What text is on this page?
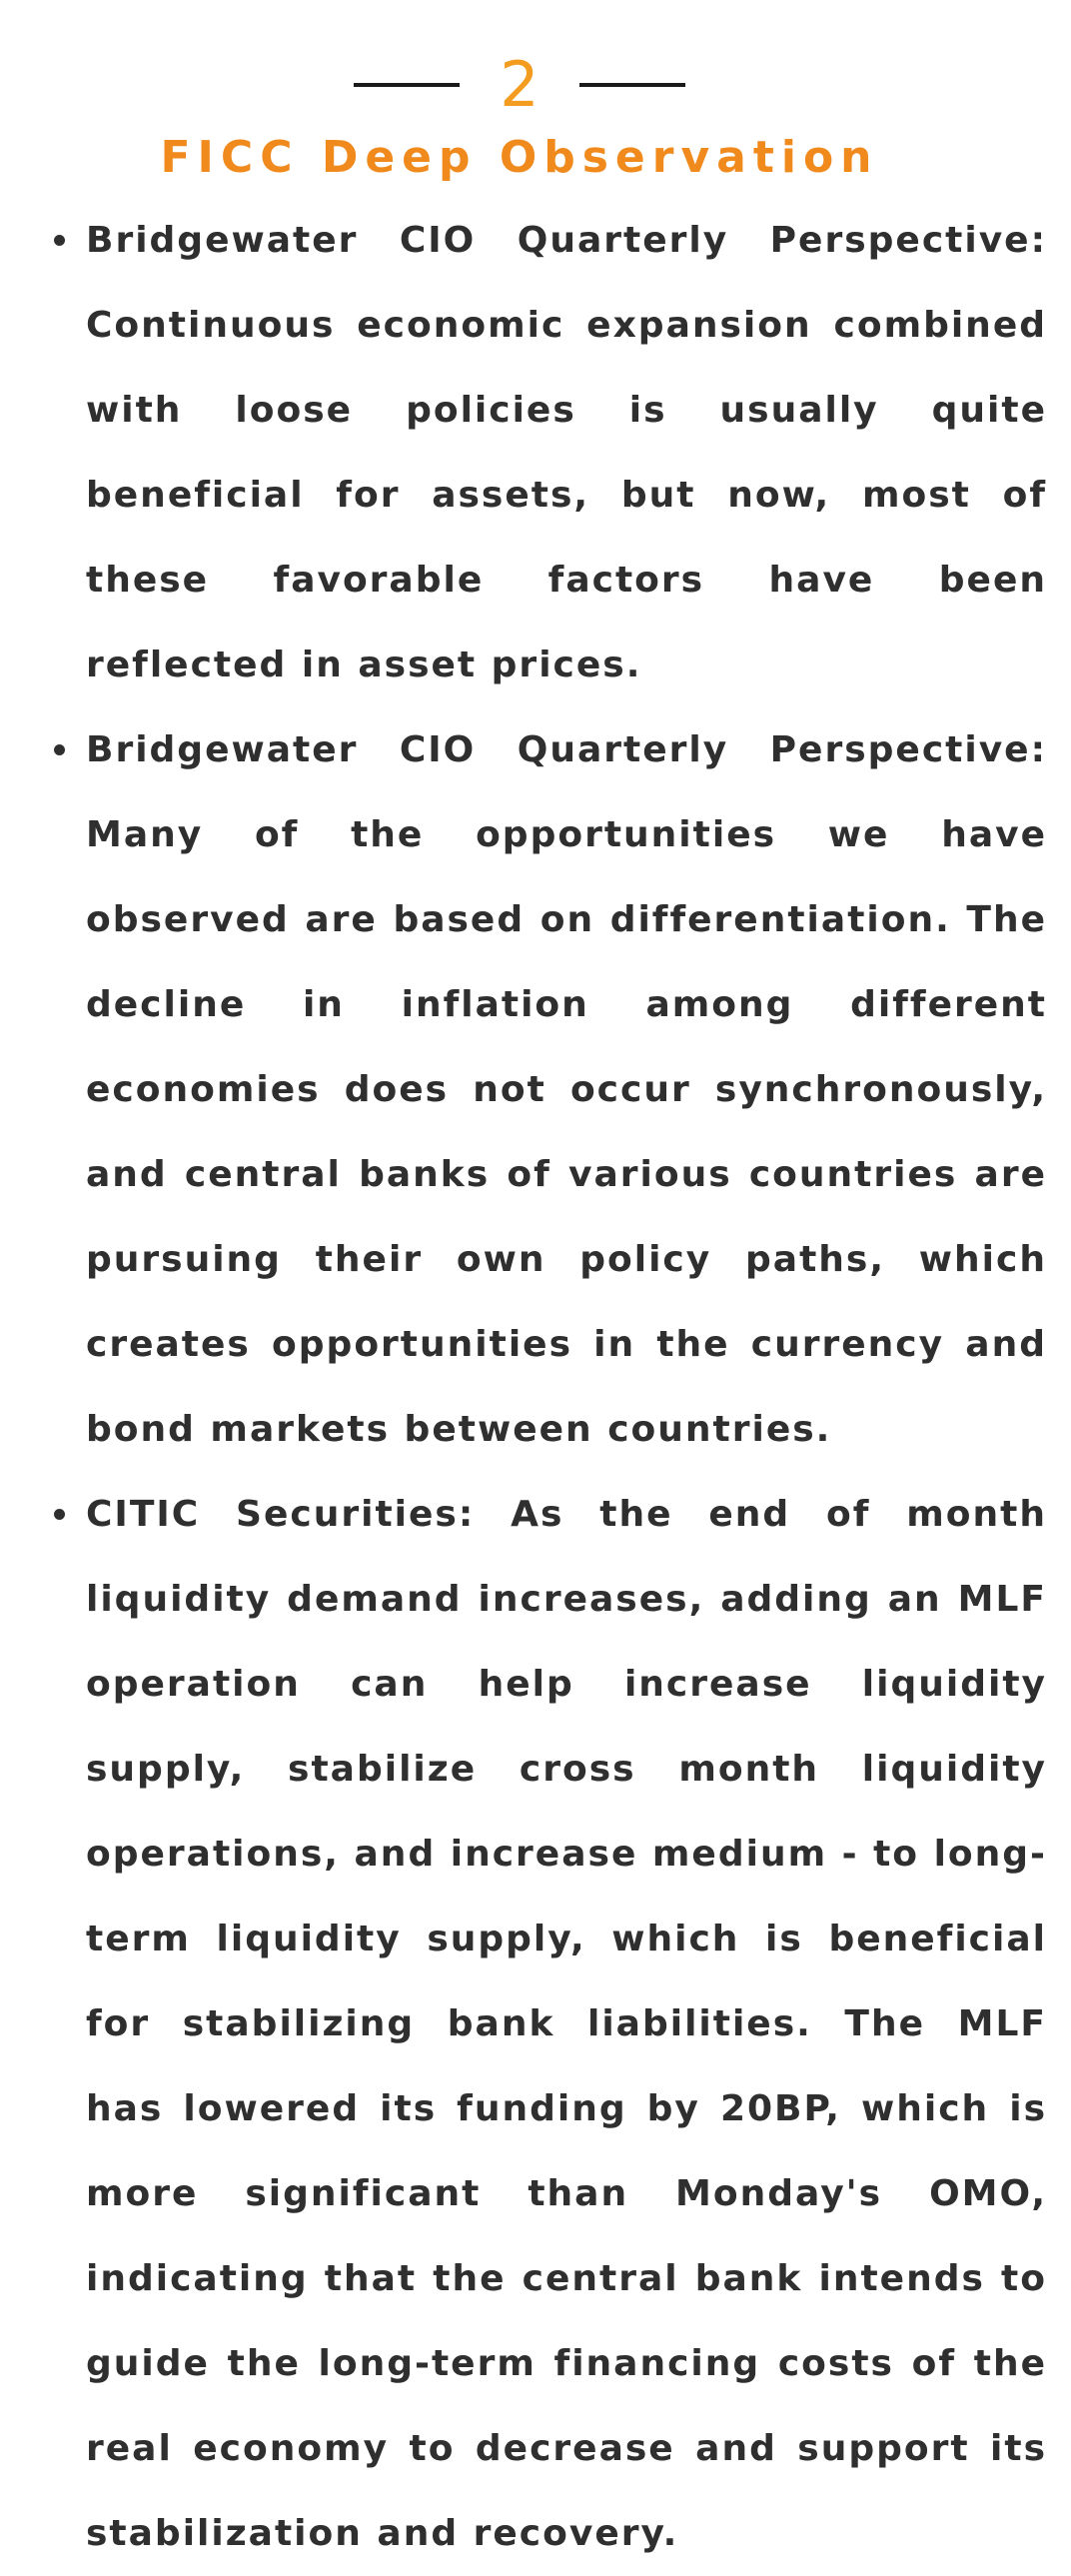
2
FICC Deep Observation
Bridgewater CIO Quarterly Perspective: Continuous economic expansion combined with loose policies is usually quite beneficial for assets, but now, most of these favorable factors have been reflected in asset prices.
Bridgewater CIO Quarterly Perspective: Many of the opportunities we have observed are based on differentiation. The decline in inflation among different economies does not occur synchronously, and central banks of various countries are pursuing their own policy paths, which creates opportunities in the currency and bond markets between countries.
CITIC Securities: As the end of month liquidity demand increases, adding an MLF operation can help increase liquidity supply, stabilize cross month liquidity operations, and increase medium - to long-term liquidity supply, which is beneficial for stabilizing bank liabilities. The MLF has lowered its funding by 20BP, which is more significant than Monday's OMO, indicating that the central bank intends to guide the long-term financing costs of the real economy to decrease and support its stabilization and recovery.
